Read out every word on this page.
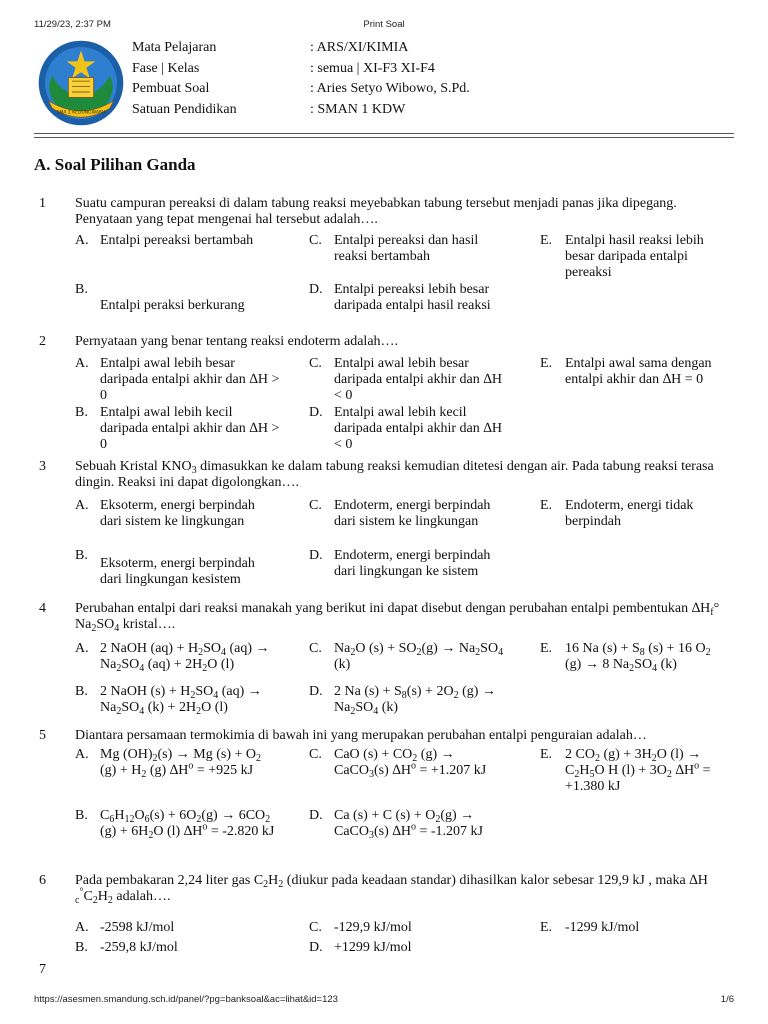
11/29/23, 2:37 PM	Print Soal
SMA 1 KEDUNGWARU
Mata Pelajaran	: ARS/XI/KIMIA
Fase | Kelas	: semua | XI-F3 XI-F4
Pembuat Soal	: Aries Setyo Wibowo, S.Pd.
Satuan Pendidikan	: SMAN 1 KDW
A. Soal Pilihan Ganda
1 Suatu campuran pereaksi di dalam tabung reaksi meyebabkan tabung tersebut menjadi panas jika dipegang. Penyataan yang tepat mengenai hal tersebut adalah….
A. Entalpi pereaksi bertambah	C. Entalpi pereaksi dan hasil reaksi bertambah
E. Entalpi hasil reaksi lebih besar daripada entalpi pereaksi
B.
Entalpi peraksi berkurang
D. Entalpi pereaksi lebih besar daripada entalpi hasil reaksi
2 Pernyataan yang benar tentang reaksi endoterm adalah….
A. Entalpi awal lebih besar daripada entalpi akhir dan ∆H > 0
C. Entalpi awal lebih besar daripada entalpi akhir dan ∆H < 0
E. Entalpi awal sama dengan entalpi akhir dan ∆H = 0
B. Entalpi awal lebih kecil daripada entalpi akhir dan ∆H > 0
D. Entalpi awal lebih kecil daripada entalpi akhir dan ∆H < 0
3 Sebuah Kristal $KNO_3$ dimasukkan ke dalam tabung reaksi kemudian ditetesi dengan air. Pada tabung reaksi terasa dingin. Reaksi ini dapat digolongkan….
A. Eksoterm, energi berpindah dari sistem ke lingkungan
C. Endoterm, energi berpindah dari sistem ke lingkungan
E. Endoterm, energi tidak berpindah
B.
Eksoterm, energi berpindah dari lingkungan kesistem
D. Endoterm, energi berpindah dari lingkungan ke sistem
4 Perubahan entalpi dari reaksi manakah yang berikut ini dapat disebut dengan perubahan entalpi pembentukan $\Delta H_f^\circ$ $Na_2SO_4$ kristal….
A. 2 NaOH $(aq) + H_2SO_4$ $(aq) \to Na_2SO_4$ $(aq) + 2H_2O$ (l)
C. $Na_2O$ $(s) + SO_2(g) \to Na_2SO_4$ (k)
E. 16 Na $(s) + S_8$ (s) + 16 $O_2$ (g) → 8 $Na_2SO_4$ (k)
B. 2 NaOH $(s) + H_2SO_4$ $(aq) \to Na_2SO_4$ $(k) + 2H_2O$ (l)
D. 2 Na $(s) + S_8(s) + 2O_2$ $(g) \to Na_2SO_4$ (k)
5 Diantara persamaan termokimia di bawah ini yang merupakan perubahan entalpi penguraian adalah…
A. Mg $(OH)_2(s) \to Mg$ $(s) + O_2$ $(g) + H_2$ (g) $\Delta H^o = +925$ kJ
C. CaO $(s) + CO_2$ (g) → CaCO$_3$(s) $\Delta H^o = +1.207$ kJ
E. 2 $CO_2$ $(g) + 3H_2O$ $(l) \to C_2H_5O$ H $(l) + 3O_2$ $\Delta H^o = +1.380$ kJ
B. $C_6H_{12}O_6(s) + 6O_2(g) \to 6CO_2$ $(g) + 6H_2O$ (l) $\Delta H^o = -2.820$ kJ
D. Ca (s) + C $(s) + O_2(g)$ → CaCO$_3$(s) $\Delta H^o = -1.207$ kJ
6 Pada pembakaran 2,24 liter gas $C_2H_2$ (diukur pada keadaan standar) dihasilkan kalor sebesar 129,9 kJ , maka ∆H $_c^\circ C_2H_2$ adalah….
A. -2598 kJ/mol	C. -129,9 kJ/mol	E. -1299 kJ/mol
B. -259,8 kJ/mol	D. +1299 kJ/mol
7
https://asesmen.smandung.sch.id/panel/?pg=banksoal&ac=lihat&id=123	1/6
